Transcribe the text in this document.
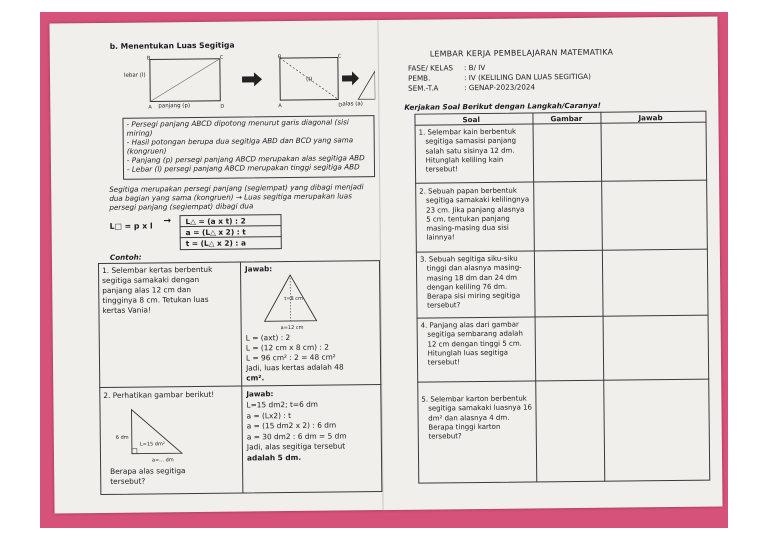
b. Menentukan Luas Segitiga
lebar (l)
panjang (p)	alas (a)
(t)
A
B	C
D
B	C
D
A
- Persegi panjang ABCD dipotong menurut garis diagonal (sisi
miring)
- Hasil potongan berupa dua segitiga ABD dan BCD yang sama
(kongruen)
- Panjang (p) persegi panjang ABCD merupakan alas segitiga ABD
- Lebar (l) persegi panjang ABCD merupakan tinggi segitiga ABD
Segitiga merupakan persegi panjang (segiempat) yang dibagi menjadi
dua bagian yang sama (kongruen) → Luas segitiga merupakan luas
persegi panjang (segiempat) dibagi dua
L□ = p x l → L△ = (a x t) : 2
a = (L△ x 2) : t
t = (L△ x 2) : a
Contoh:
1. Selembar kertas berbentuk
segitiga samakaki dengan
panjang alas 12 cm dan
tingginya 8 cm. Tetukan luas
kertas Vania!
Jawab:
t=8 cm
a=12 cm
L = (axt) : 2
L = (12 cm x 8 cm) : 2
L = 96 cm² : 2 = 48 cm²
Jadi, luas kertas adalah 48
cm².
2. Perhatikan gambar berikut!
6 dm
L=15 dm²
a=... dm
Berapa alas segitiga
tersebut?
Jawab:
L=15 dm2; t=6 dm
a = (Lx2) : t
a = (15 dm2 x 2) : 6 dm
a = 30 dm2 : 6 dm = 5 dm
Jadi, alas segitiga tersebut
adalah 5 dm.
LEMBAR KERJA PEMBELAJARAN MATEMATIKA
FASE/ KELAS : B/ IV
PEMB.	: IV (KELILING DAN LUAS SEGITIGA)
SEM.-T.A	: GENAP-2023/2024
Kerjakan Soal Berikut dengan Langkah/Caranya!
Soal	Gambar	Jawab
1. Selembar kain berbentuk
segitiga samasisi panjang
salah satu sisinya 12 dm.
Hitunglah keliling kain
tersebut!
2. Sebuah papan berbentuk
segitiga samakaki kelilingnya
23 cm. Jika panjang alasnya
5 cm, tentukan panjang
masing-masing dua sisi
lainnya!
3. Sebuah segitiga siku-siku
tinggi dan alasnya masing-
masing 18 dm dan 24 dm
dengan keliling 76 dm.
Berapa sisi miring segitiga
tersebut?
4. Panjang alas dari gambar
segitiga sembarang adalah
12 cm dengan tinggi 5 cm.
Hitunglah luas segitiga
tersebut!
5. Selembar karton berbentuk
segitiga samakaki luasnya 16
dm² dan alasnya 4 dm.
Berapa tinggi karton
tersebut?
